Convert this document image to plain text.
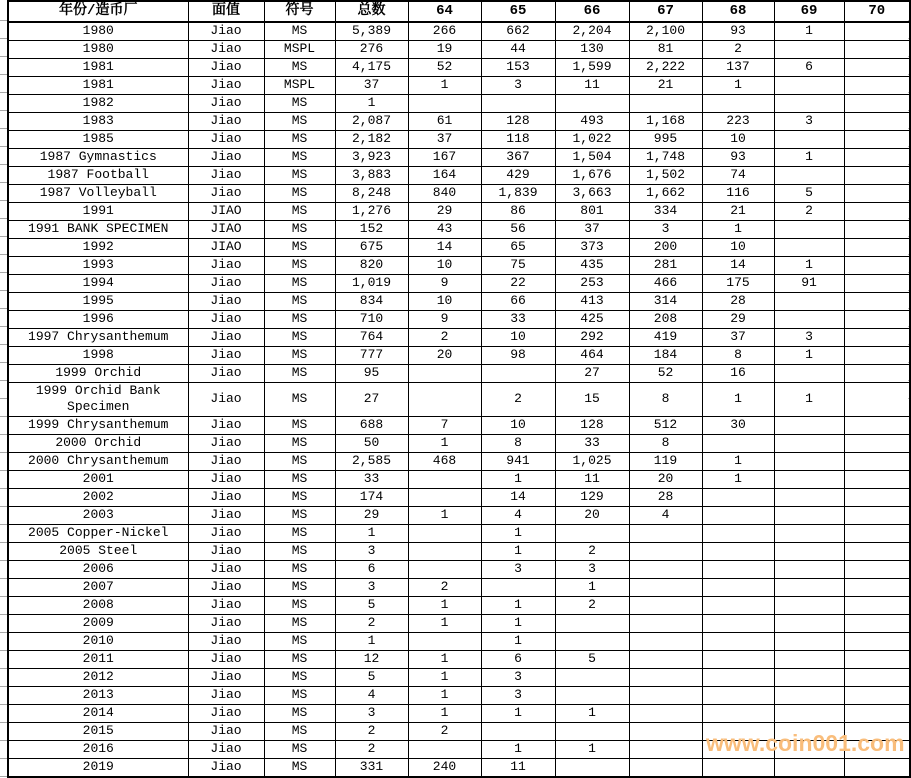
年份/造币厂	面值	符号	总数	64	65	66	67	68	69	70
1980	Jiao	MS	5,389	266	662	2,204	2,100	93	1	
1980	Jiao	MSPL	276	19	44	130	81	2		
1981	Jiao	MS	4,175	52	153	1,599	2,222	137	6	
1981	Jiao	MSPL	37	1	3	11	21	1		
1982	Jiao	MS	1							
1983	Jiao	MS	2,087	61	128	493	1,168	223	3	
1985	Jiao	MS	2,182	37	118	1,022	995	10		
1987 Gymnastics	Jiao	MS	3,923	167	367	1,504	1,748	93	1	
1987 Football	Jiao	MS	3,883	164	429	1,676	1,502	74		
1987 Volleyball	Jiao	MS	8,248	840	1,839	3,663	1,662	116	5	
1991	JIAO	MS	1,276	29	86	801	334	21	2	
1991 BANK SPECIMEN	JIAO	MS	152	43	56	37	3	1		
1992	JIAO	MS	675	14	65	373	200	10		
1993	Jiao	MS	820	10	75	435	281	14	1	
1994	Jiao	MS	1,019	9	22	253	466	175	91	
1995	Jiao	MS	834	10	66	413	314	28		
1996	Jiao	MS	710	9	33	425	208	29		
1997 Chrysanthemum	Jiao	MS	764	2	10	292	419	37	3	
1998	Jiao	MS	777	20	98	464	184	8	1	
1999 Orchid	Jiao	MS	95			27	52	16		
1999 Orchid Bank Specimen	Jiao	MS	27		2	15	8	1	1	
1999 Chrysanthemum	Jiao	MS	688	7	10	128	512	30		
2000 Orchid	Jiao	MS	50	1	8	33	8			
2000 Chrysanthemum	Jiao	MS	2,585	468	941	1,025	119	1		
2001	Jiao	MS	33		1	11	20	1		
2002	Jiao	MS	174		14	129	28			
2003	Jiao	MS	29	1	4	20	4			
2005 Copper-Nickel	Jiao	MS	1		1					
2005 Steel	Jiao	MS	3		1	2				
2006	Jiao	MS	6		3	3				
2007	Jiao	MS	3	2		1				
2008	Jiao	MS	5	1	1	2				
2009	Jiao	MS	2	1	1					
2010	Jiao	MS	1		1					
2011	Jiao	MS	12	1	6	5				
2012	Jiao	MS	5	1	3					
2013	Jiao	MS	4	1	3					
2014	Jiao	MS	3	1	1	1				
2015	Jiao	MS	2	2						
2016	Jiao	MS	2		1	1				
2019	Jiao	MS	331	240	11					
www.coin001.com
